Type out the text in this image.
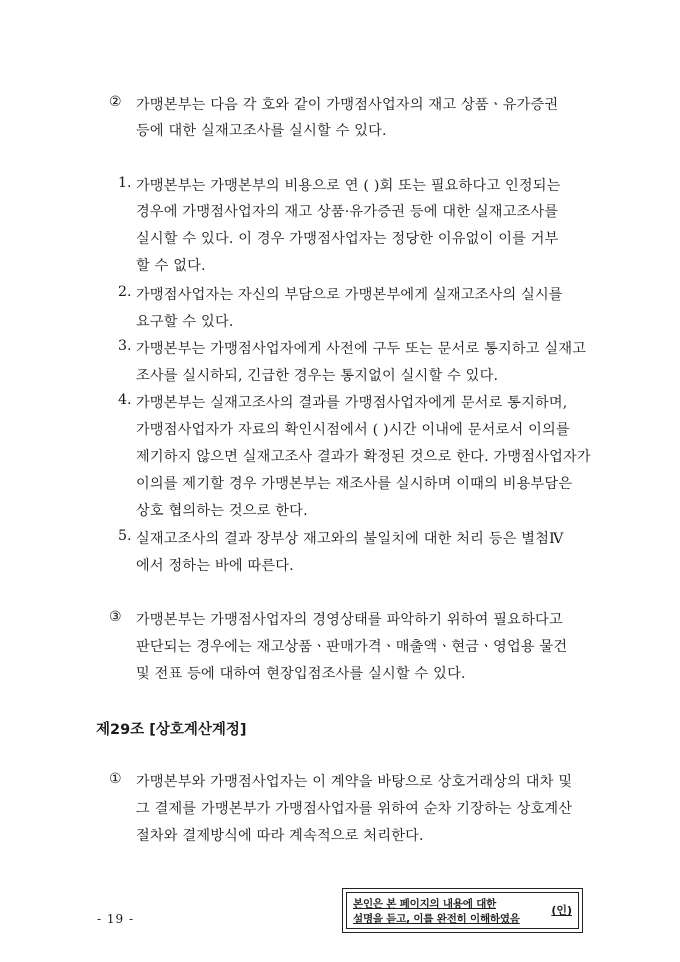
② 가맹본부는 다음 각 호와 같이 가맹점사업자의 재고 상품ㆍ유가증권
등에 대한 실재고조사를 실시할 수 있다.
1. 가맹본부는 가맹본부의 비용으로 연 ( )회 또는 필요하다고 인정되는
경우에 가맹점사업자의 재고 상품·유가증권 등에 대한 실재고조사를
실시할 수 있다. 이 경우 가맹점사업자는 정당한 이유없이 이를 거부
할 수 없다.
2. 가맹점사업자는 자신의 부담으로 가맹본부에게 실재고조사의 실시를
요구할 수 있다.
3. 가맹본부는 가맹점사업자에게 사전에 구두 또는 문서로 통지하고 실재고
조사를 실시하되, 긴급한 경우는 통지없이 실시할 수 있다.
4. 가맹본부는 실재고조사의 결과를 가맹점사업자에게 문서로 통지하며,
가맹점사업자가 자료의 확인시점에서 ( )시간 이내에 문서로서 이의를
제기하지 않으면 실재고조사 결과가 확정된 것으로 한다. 가맹점사업자가
이의를 제기할 경우 가맹본부는 재조사를 실시하며 이때의 비용부담은
상호 협의하는 것으로 한다.
5. 실재고조사의 결과 장부상 재고와의 불일치에 대한 처리 등은 별첨Ⅳ
에서 정하는 바에 따른다.
③ 가맹본부는 가맹점사업자의 경영상태를 파악하기 위하여 필요하다고
판단되는 경우에는 재고상품ㆍ판매가격ㆍ매출액ㆍ현금ㆍ영업용 물건
및 전표 등에 대하여 현장입점조사를 실시할 수 있다.
제29조 [상호계산계정]
① 가맹본부와 가맹점사업자는 이 계약을 바탕으로 상호거래상의 대차 및
그 결제를 가맹본부가 가맹점사업자를 위하여 순차 기장하는 상호계산
절차와 결제방식에 따라 계속적으로 처리한다.
- 19 -
본인은 본 페이지의 내용에 대한
설명을 듣고, 이를 완전히 이해하였음
(인)
